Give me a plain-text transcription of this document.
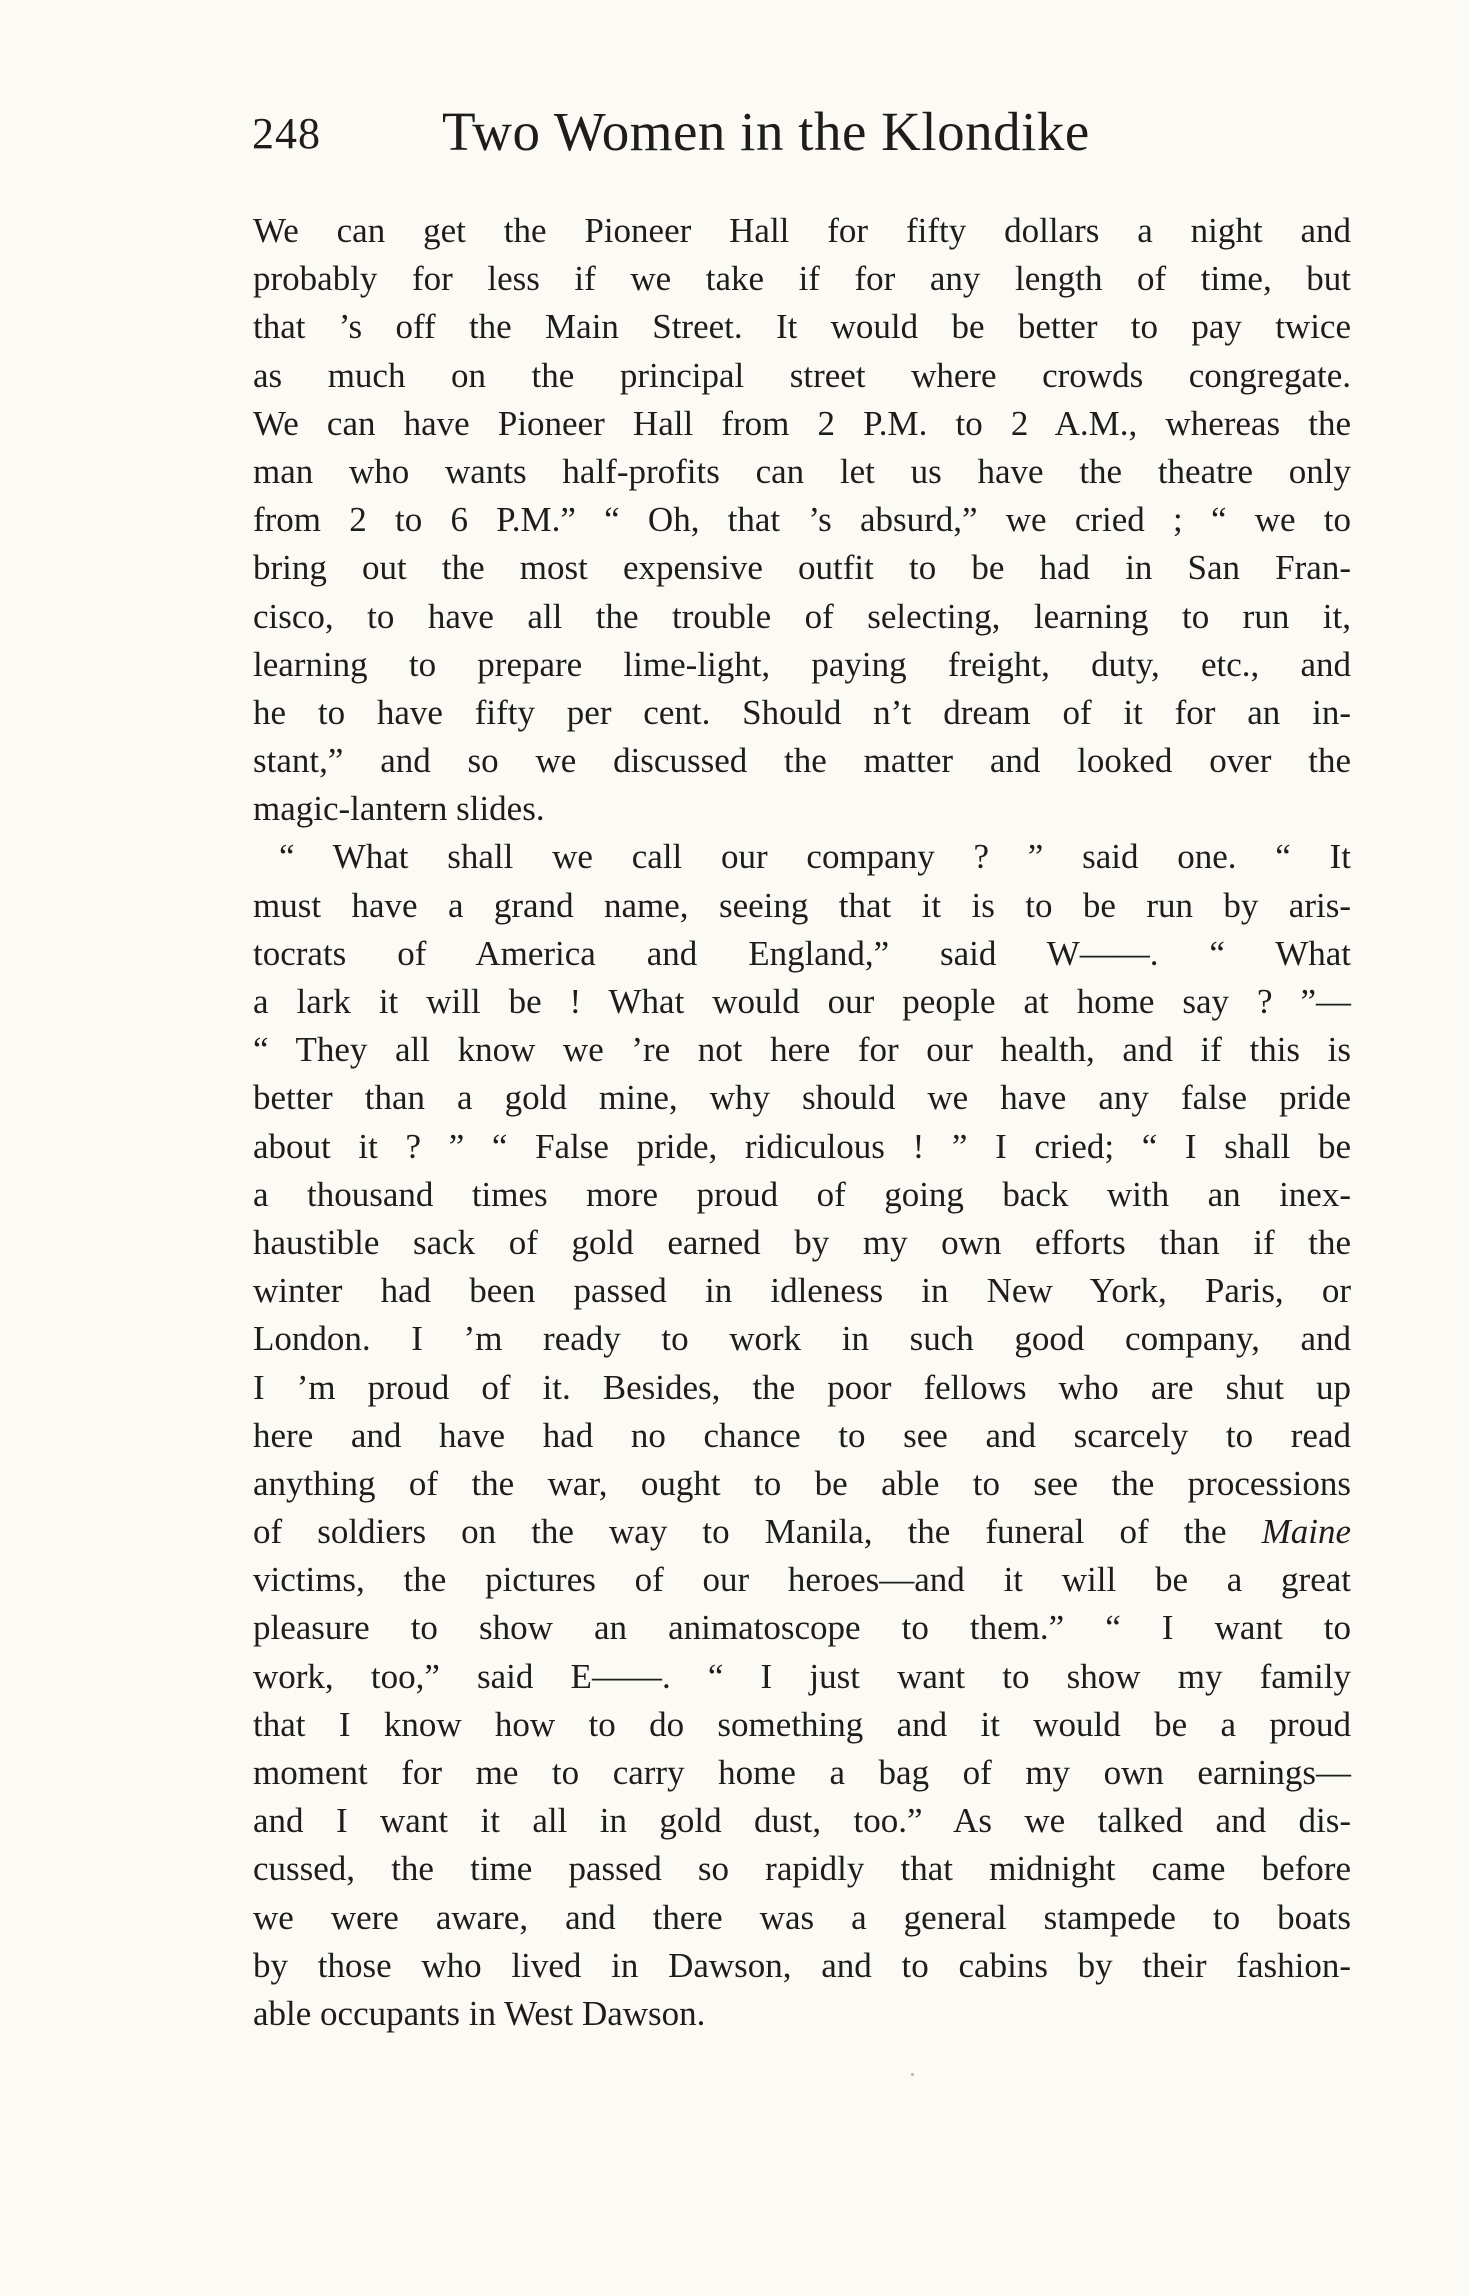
248 Two Women in the Klondike
We can get the Pioneer Hall for fifty dollars a night and
probably for less if we take if for any length of time, but
that ’s off the Main Street. It would be better to pay twice
as much on the principal street where crowds congregate.
We can have Pioneer Hall from 2 P.M. to 2 A.M., whereas the
man who wants half-profits can let us have the theatre only
from 2 to 6 P.M.” “ Oh, that ’s absurd,” we cried ; “ we to
bring out the most expensive outfit to be had in San Fran-
cisco, to have all the trouble of selecting, learning to run it,
learning to prepare lime-light, paying freight, duty, etc., and
he to have fifty per cent. Should n’t dream of it for an in-
stant,” and so we discussed the matter and looked over the
magic-lantern slides.
“ What shall we call our company ? ” said one. “ It
must have a grand name, seeing that it is to be run by aris-
tocrats of America and England,” said W——. “ What
a lark it will be ! What would our people at home say ? ”—
“ They all know we ’re not here for our health, and if this is
better than a gold mine, why should we have any false pride
about it ? ” “ False pride, ridiculous ! ” I cried; “ I shall be
a thousand times more proud of going back with an inex-
haustible sack of gold earned by my own efforts than if the
winter had been passed in idleness in New York, Paris, or
London. I ’m ready to work in such good company, and
I ’m proud of it. Besides, the poor fellows who are shut up
here and have had no chance to see and scarcely to read
anything of the war, ought to be able to see the processions
of soldiers on the way to Manila, the funeral of the Maine
victims, the pictures of our heroes—and it will be a great
pleasure to show an animatoscope to them.” “ I want to
work, too,” said E——. “ I just want to show my family
that I know how to do something and it would be a proud
moment for me to carry home a bag of my own earnings—
and I want it all in gold dust, too.” As we talked and dis-
cussed, the time passed so rapidly that midnight came before
we were aware, and there was a general stampede to boats
by those who lived in Dawson, and to cabins by their fashion-
able occupants in West Dawson.
